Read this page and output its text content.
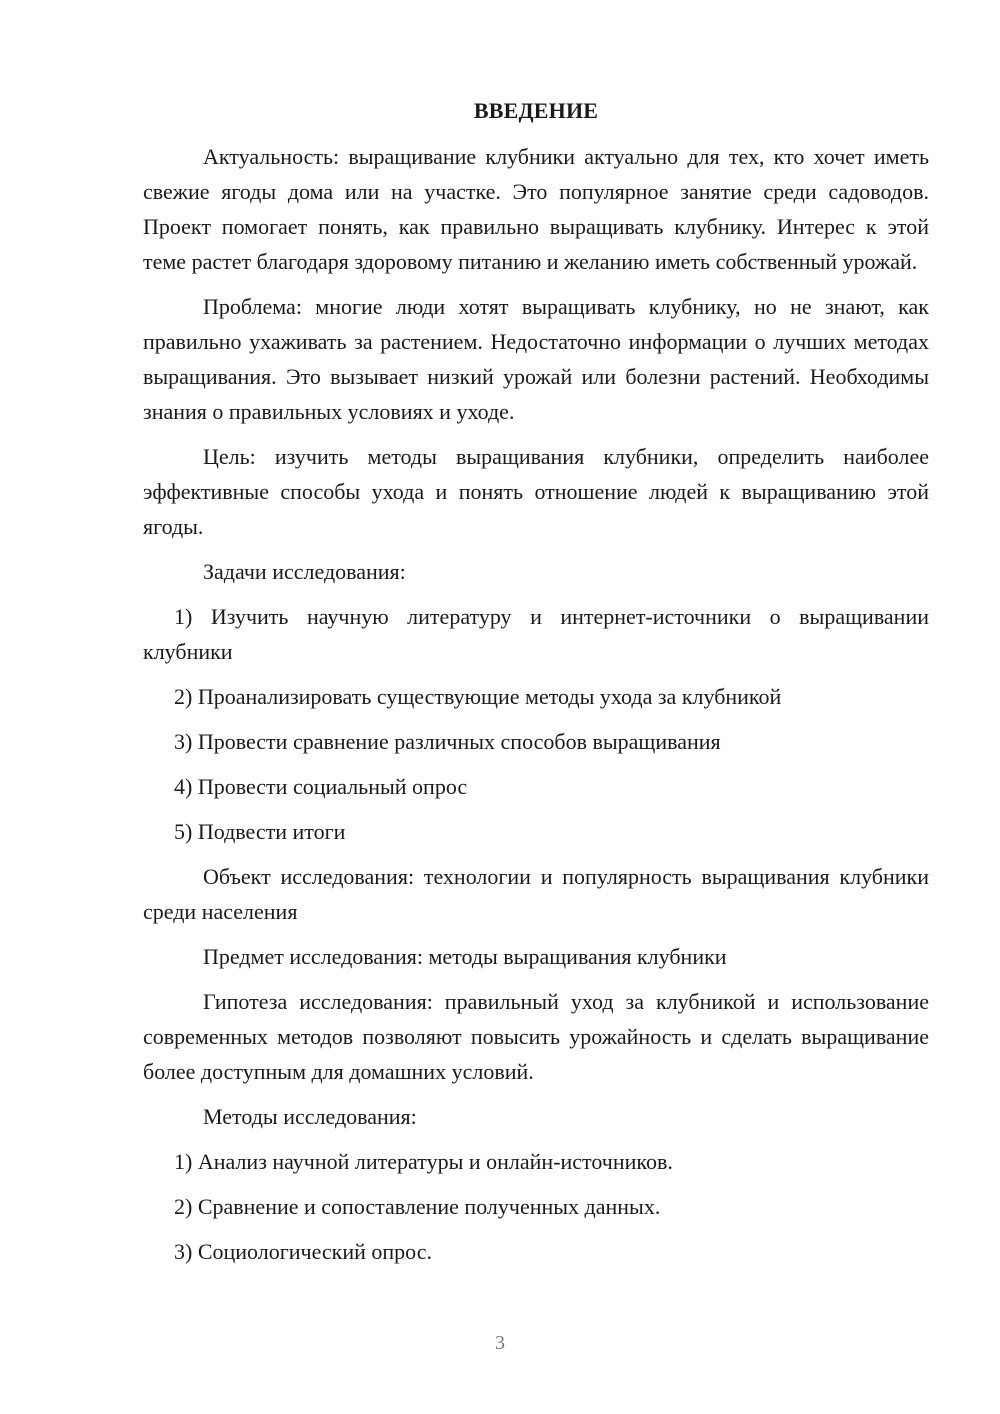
ВВЕДЕНИЕ

Актуальность: выращивание клубники актуально для тех, кто хочет иметь свежие ягоды дома или на участке. Это популярное занятие среди садоводов. Проект помогает понять, как правильно выращивать клубнику. Интерес к этой теме растет благодаря здоровому питанию и желанию иметь собственный урожай.

Проблема: многие люди хотят выращивать клубнику, но не знают, как правильно ухаживать за растением. Недостаточно информации о лучших методах выращивания. Это вызывает низкий урожай или болезни растений. Необходимы знания о правильных условиях и уходе.

Цель: изучить методы выращивания клубники, определить наиболее эффективные способы ухода и понять отношение людей к выращиванию этой ягоды.

Задачи исследования:

1) Изучить научную литературу и интернет-источники о выращивании клубники

2) Проанализировать существующие методы ухода за клубникой

3) Провести сравнение различных способов выращивания

4) Провести социальный опрос

5) Подвести итоги

Объект исследования: технологии и популярность выращивания клубники среди населения

Предмет исследования: методы выращивания клубники

Гипотеза исследования: правильный уход за клубникой и использование современных методов позволяют повысить урожайность и сделать выращивание более доступным для домашних условий.

Методы исследования:

1) Анализ научной литературы и онлайн-источников.

2) Сравнение и сопоставление полученных данных.

3) Социологический опрос.

3
